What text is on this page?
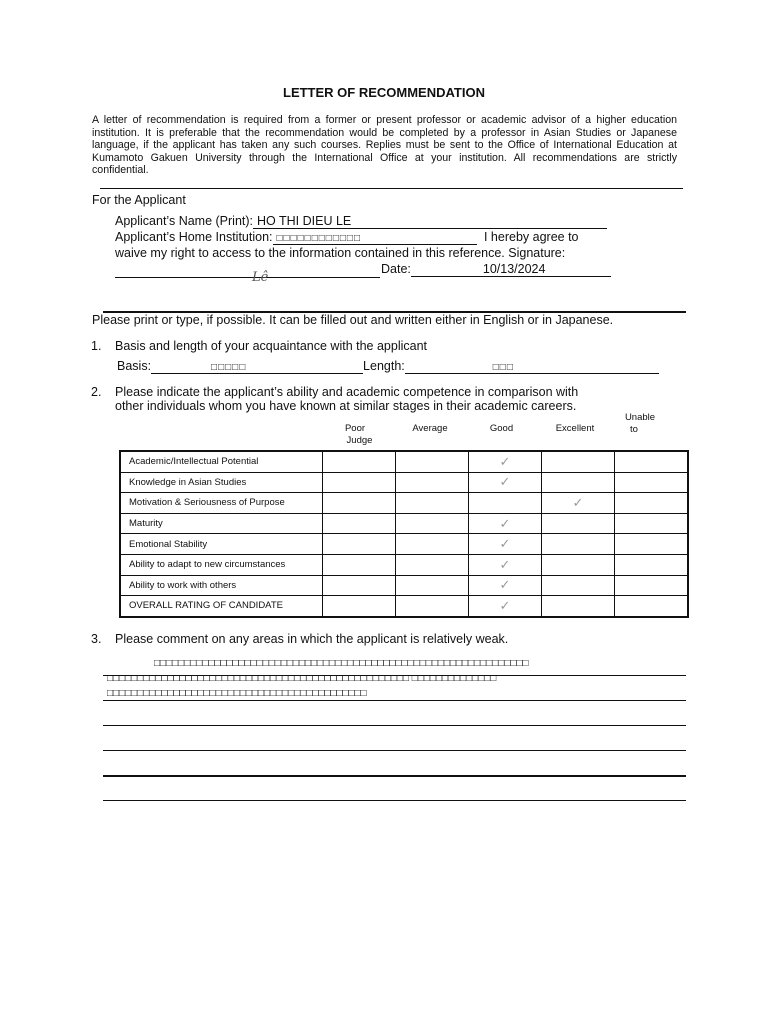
LETTER OF RECOMMENDATION
A letter of recommendation is required from a former or present professor or academic advisor of a higher education institution. It is preferable that the recommendation would be completed by a professor in Asian Studies or Japanese language, if the applicant has taken any such courses. Replies must be sent to the Office of International Education at Kumamoto Gakuen University through the International Office at your institution. All recommendations are strictly confidential.
For the Applicant
Applicant’s Name (Print): HO THI DIEU LE
Applicant’s Home Institution: □□□□□□□□□□□□	I hereby agree to
waive my right to access to the information contained in this reference. Signature:
Lê
Date:	10/13/2024
Please print or type, if possible. It can be filled out and written either in English or in Japanese.
1. Basis and length of your acquaintance with the applicant
Basis:	□□□□□	Length:	□□□
2. Please indicate the applicant’s ability and academic competence in comparison with
other individuals whom you have known at similar stages in their academic careers.
Poor	Average	Good	Excellent
Unable
to
Judge
Academic/Intellectual Potential			✓		
Knowledge in Asian Studies			✓		
Motivation & Seriousness of Purpose				✓	
Maturity			✓		
Emotional Stability			✓		
Ability to adapt to new circumstances			✓		
Ability to work with others			✓		
OVERALL RATING OF CANDIDATE			✓		
3. Please comment on any areas in which the applicant is relatively weak.
□□□□□□□□□□□□□□□□□□□□□□□□□□□□□□□□□□□□□□□□□□□□□□□□□□□□□□□□□□□□□□
□□□□□□□□□□□□□□□□□□□□□□□□□□□□□□□□□□□□□□□□□□□□□□□□□□ □□□□□□□□□□□□□□
□□□□□□□□□□□□□□□□□□□□□□□□□□□□□□□□□□□□□□□□□□□
